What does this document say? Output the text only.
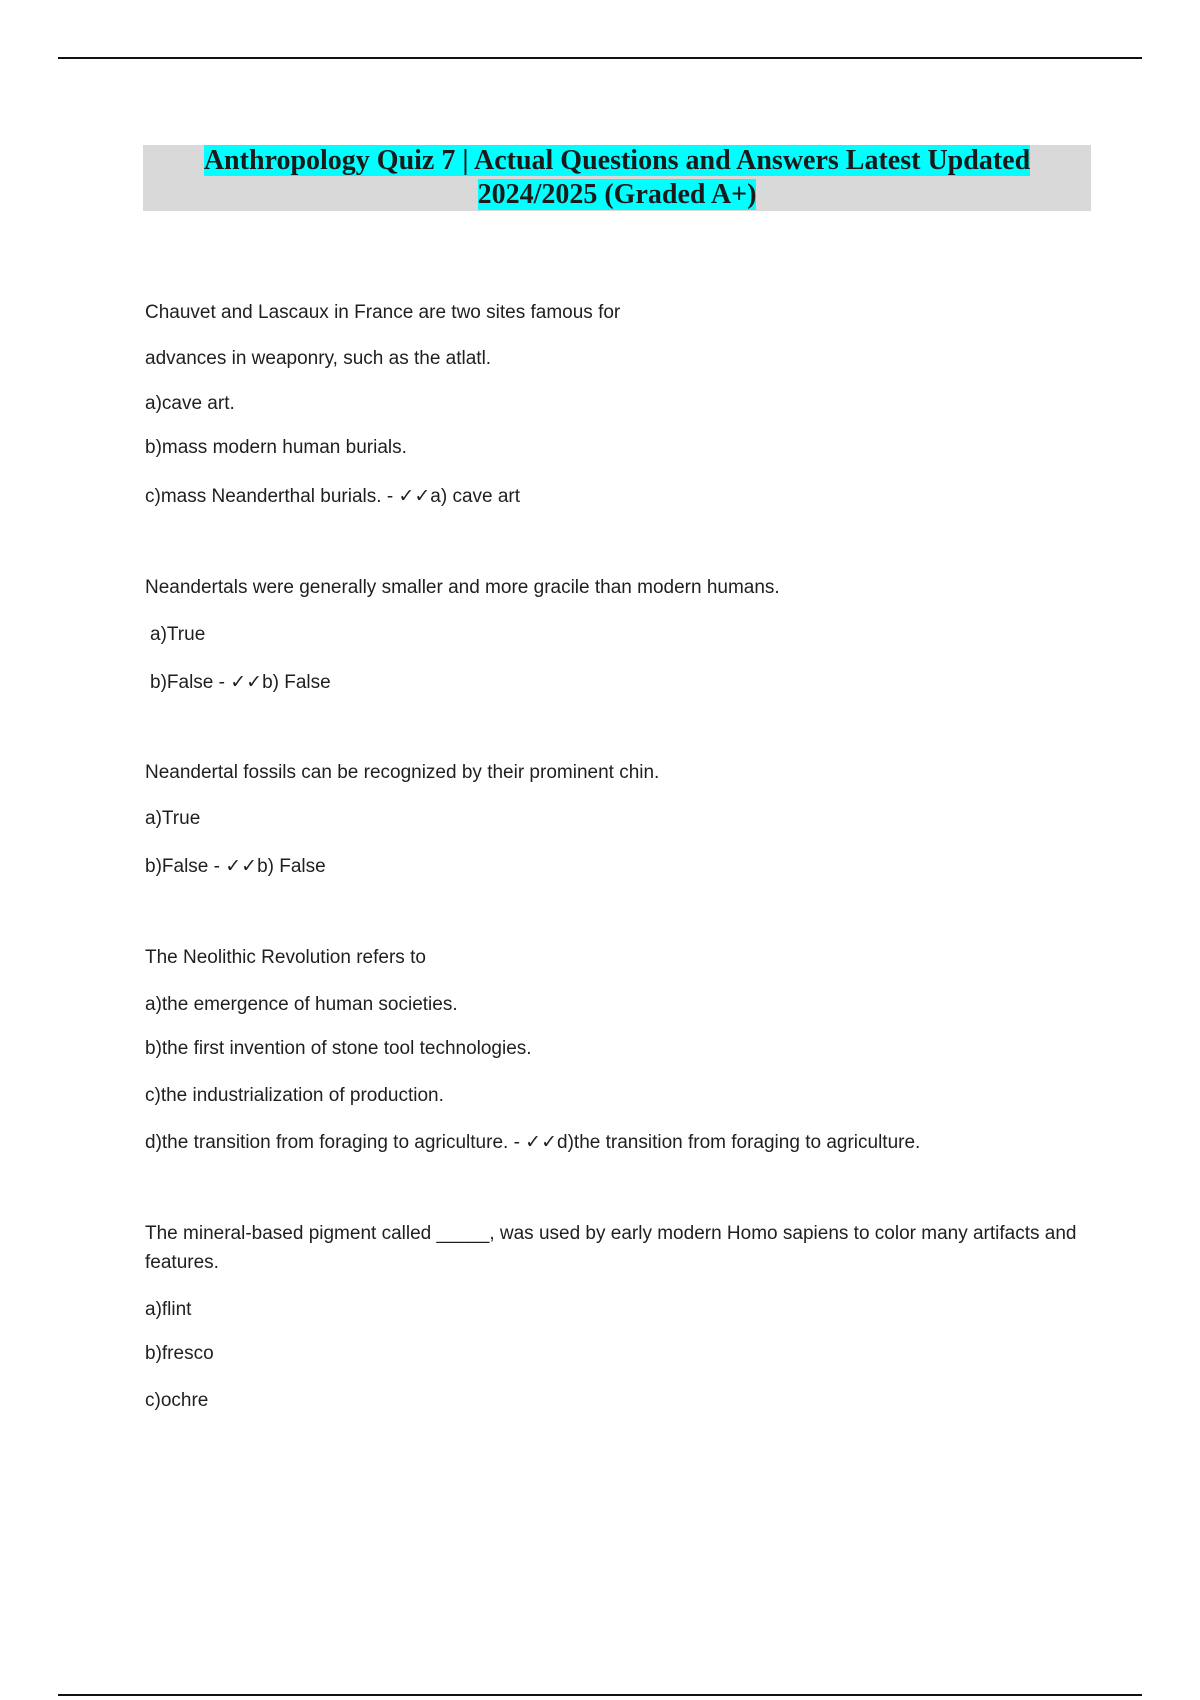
Anthropology Quiz 7 | Actual Questions and Answers Latest Updated
2024/2025 (Graded A+)
Chauvet and Lascaux in France are two sites famous for
advances in weaponry, such as the atlatl.
a)cave art.
b)mass modern human burials.
c)mass Neanderthal burials. - ✓✓a) cave art
Neandertals were generally smaller and more gracile than modern humans.
a)True
b)False - ✓✓b) False
Neandertal fossils can be recognized by their prominent chin.
a)True
b)False - ✓✓b) False
The Neolithic Revolution refers to
a)the emergence of human societies.
b)the first invention of stone tool technologies.
c)the industrialization of production.
d)the transition from foraging to agriculture. - ✓✓d)the transition from foraging to agriculture.
The mineral-based pigment called _____, was used by early modern Homo sapiens to color many artifacts and features.
a)flint
b)fresco
c)ochre
